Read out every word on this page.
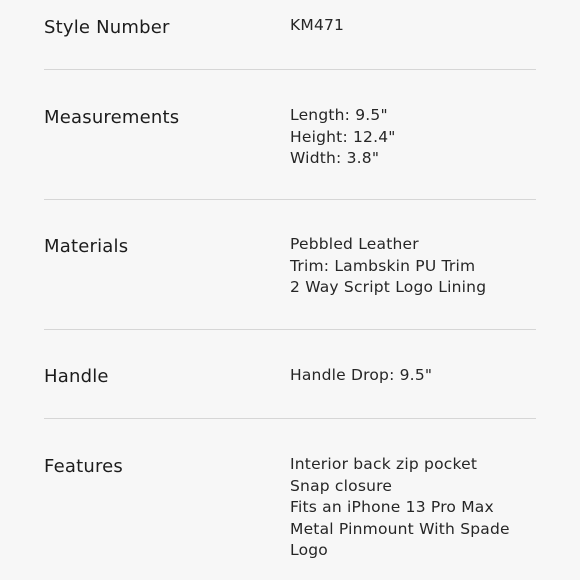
Style Number	KM471
Measurements	Length: 9.5"
Height: 12.4"
Width: 3.8"
Materials	Pebbled Leather
Trim: Lambskin PU Trim
2 Way Script Logo Lining
Handle	Handle Drop: 9.5"
Features	Interior back zip pocket
Snap closure
Fits an iPhone 13 Pro Max
Metal Pinmount With Spade
Logo
